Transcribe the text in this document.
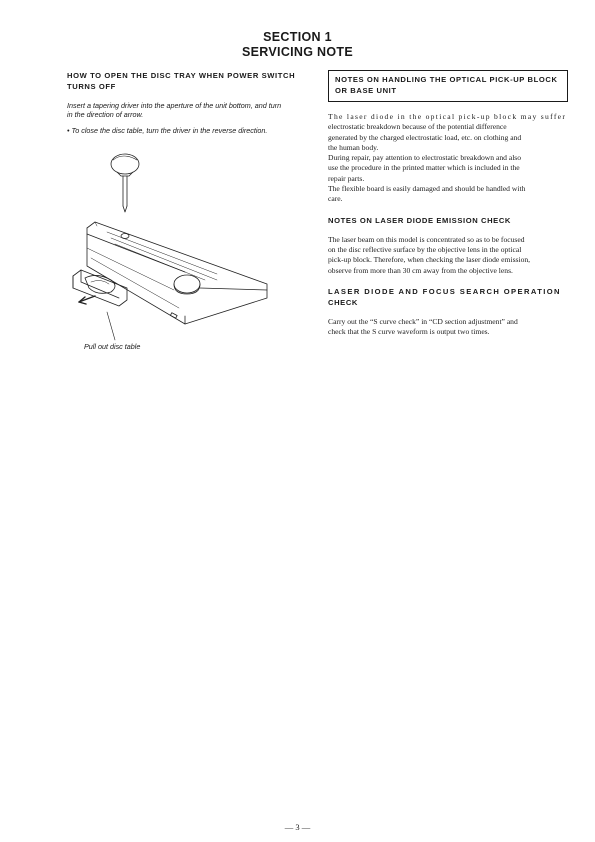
SECTION 1
SERVICING NOTE

HOW TO OPEN THE DISC TRAY WHEN POWER SWITCH

TURNS OFF

Insert a tapering driver into the aperture of the unit bottom, and turn

in the direction of arrow.

• To close the disc table, turn the driver in the reverse direction.

Pull out disc table

NOTES ON HANDLING THE OPTICAL PICK-UP BLOCK

OR BASE UNIT

The laser diode in the optical pick-up block may suffer

electrostatic breakdown because of the potential difference

generated by the charged electrostatic load, etc. on clothing and

the human body.

During repair, pay attention to electrostatic breakdown and also

use the procedure in the printed matter which is included in the

repair parts.

The flexible board is easily damaged and should be handled with

care.

NOTES ON LASER DIODE EMISSION CHECK

The laser beam on this model is concentrated so as to be focused

on the disc reflective surface by the objective lens in the optical

pick-up block. Therefore, when checking the laser diode emission,

observe from more than 30 cm away from the objective lens.

LASER DIODE AND FOCUS SEARCH OPERATION

CHECK

Carry out the “S curve check” in “CD section adjustment” and

check that the S curve waveform is output two times.

— 3 —
